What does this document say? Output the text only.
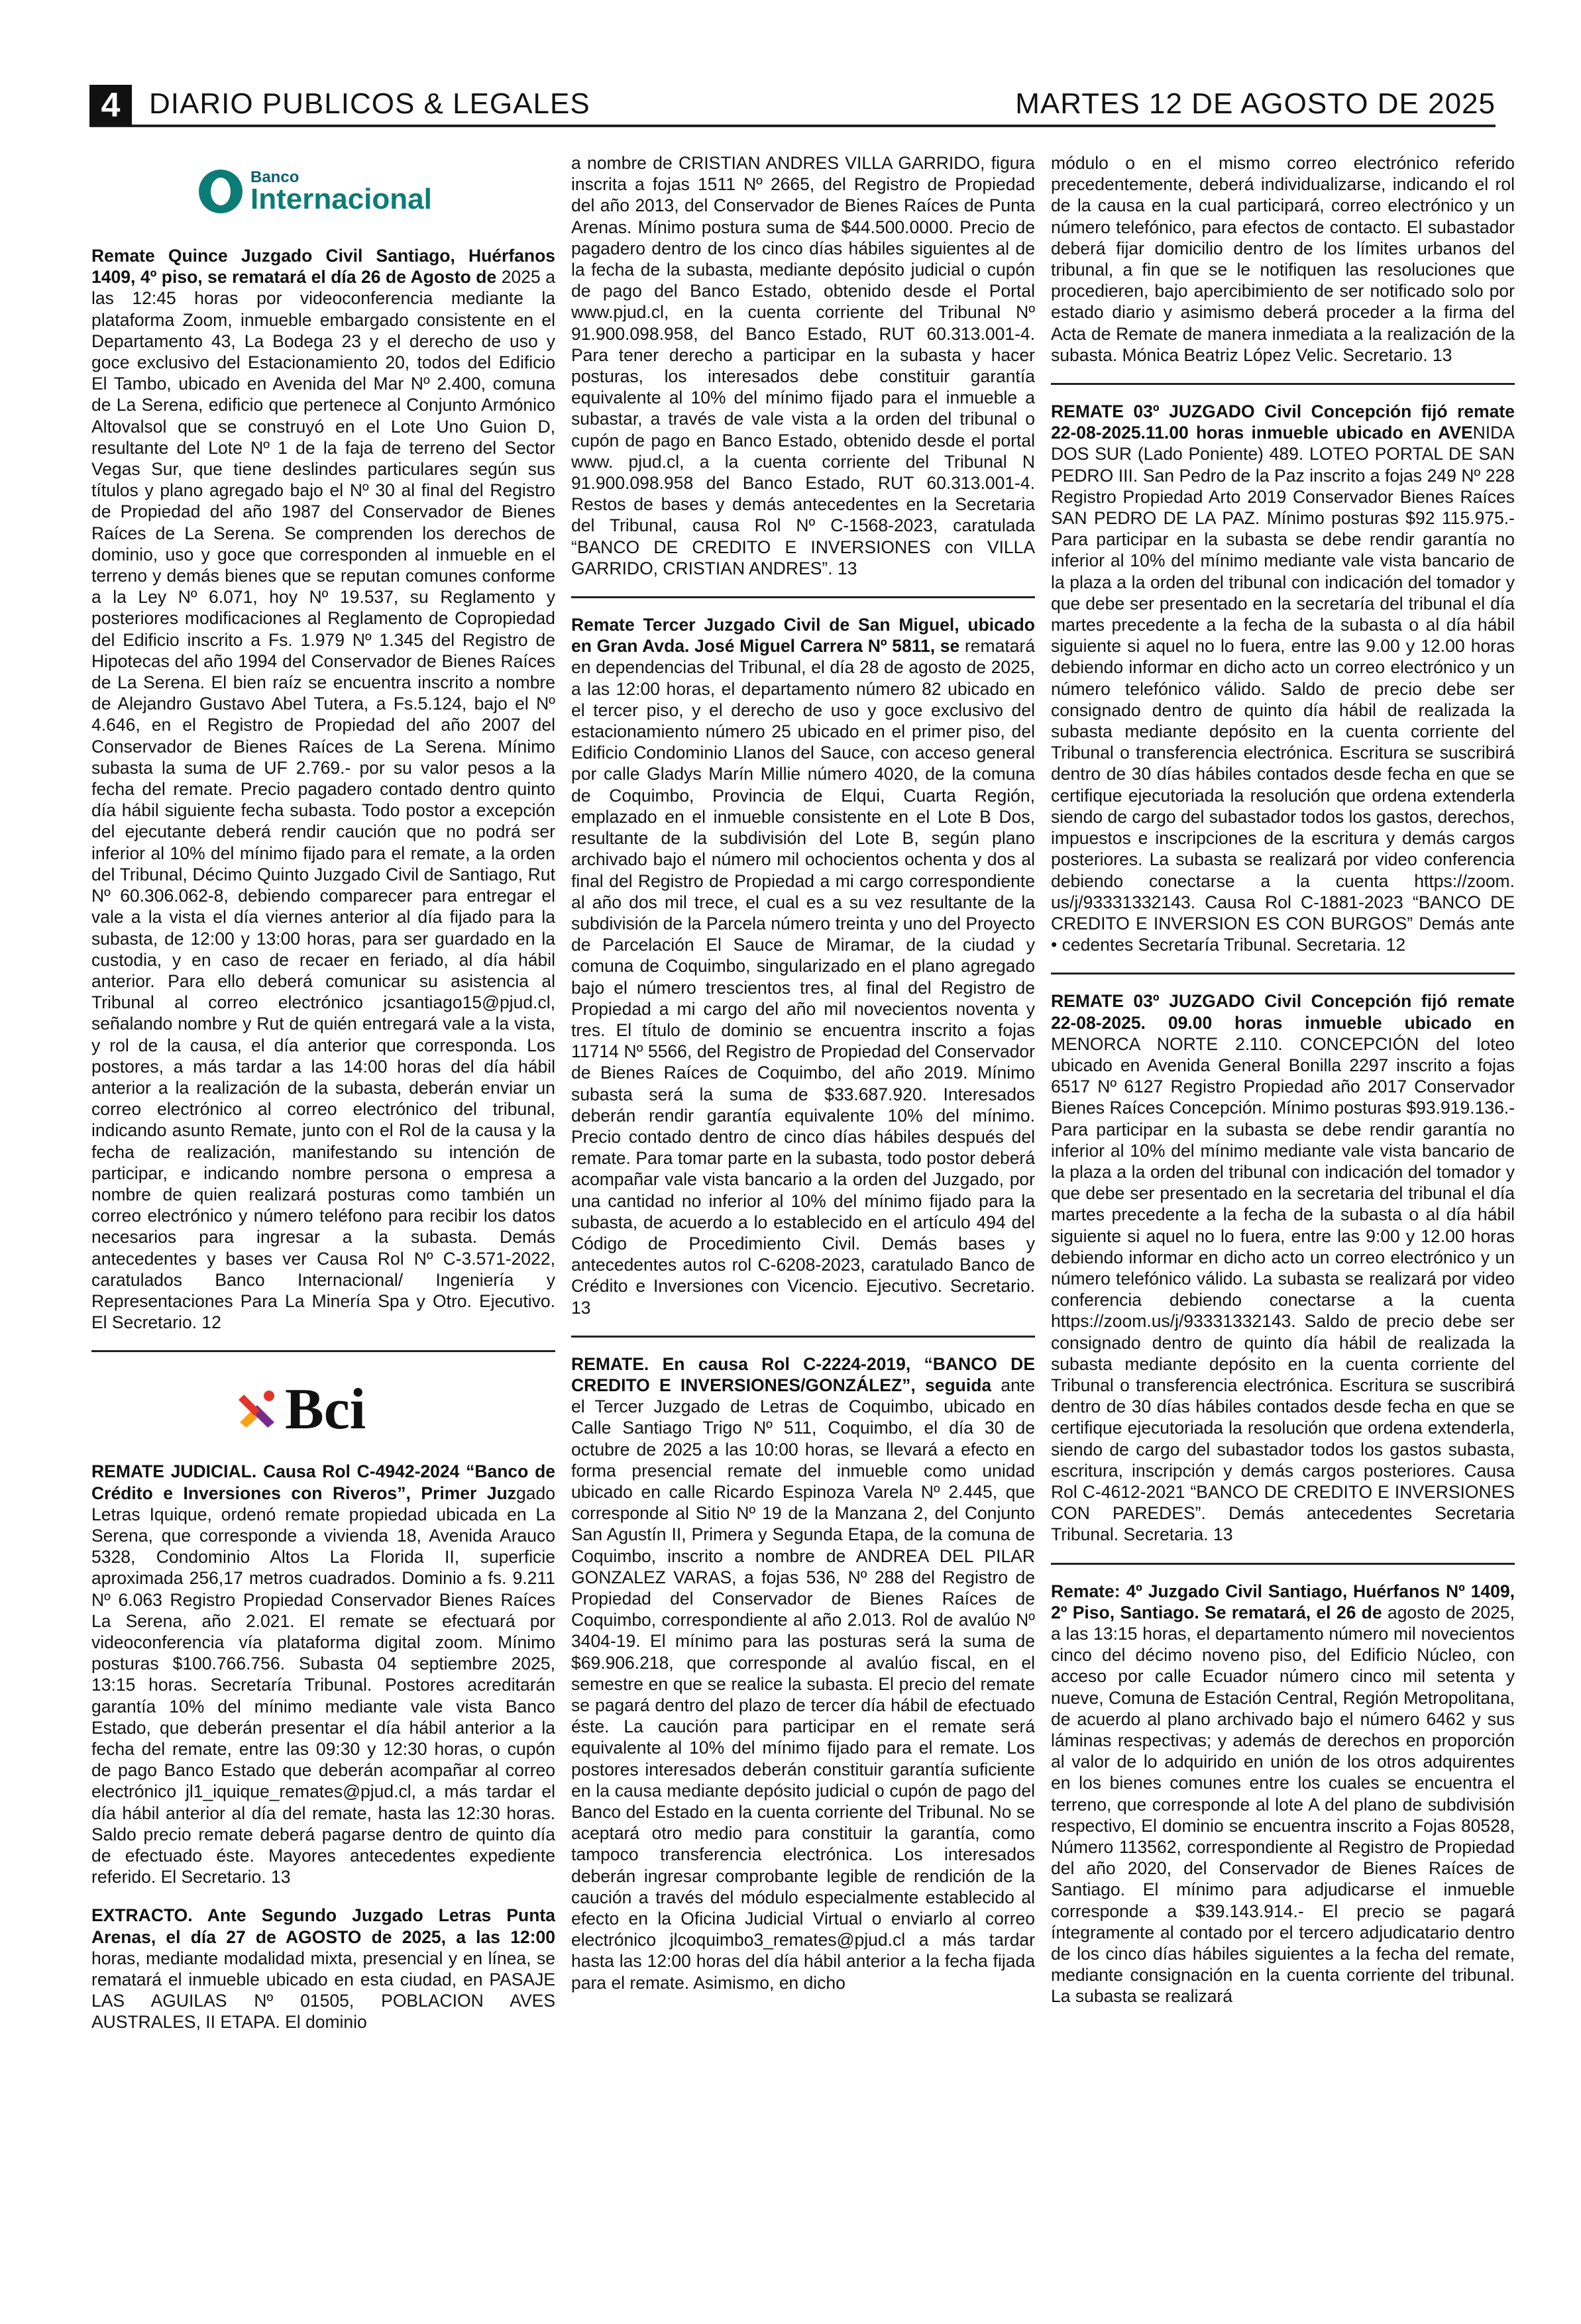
4 DIARIO PUBLICOS & LEGALES	MARTES 12 DE AGOSTO DE 2025
Banco
Internacional

Remate Quince Juzgado Civil Santiago, Huérfanos 1409, 4º piso, se rematará el día 26 de Agosto de 2025 a las 12:45 horas por videoconferencia mediante la plataforma Zoom, inmueble embargado consistente en el Departamento 43, La Bodega 23 y el derecho de uso y goce exclusivo del Estacionamiento 20, todos del Edificio El Tambo, ubicado en Avenida del Mar Nº 2.400, comuna de La Serena, edificio que pertenece al Conjunto Armónico Altovalsol que se construyó en el Lote Uno Guion D, resultante del Lote Nº 1 de la faja de terreno del Sector Vegas Sur, que tiene deslindes particulares según sus títulos y plano agregado bajo el Nº 30 al final del Registro de Propiedad del año 1987 del Conservador de Bienes Raíces de La Serena. Se comprenden los derechos de dominio, uso y goce que corresponden al inmueble en el terreno y demás bienes que se reputan comunes conforme a la Ley Nº 6.071, hoy Nº 19.537, su Reglamento y posteriores modificaciones al Reglamento de Copropiedad del Edificio inscrito a Fs. 1.979 Nº 1.345 del Registro de Hipotecas del año 1994 del Conservador de Bienes Raíces de La Serena. El bien raíz se encuentra inscrito a nombre de Alejandro Gustavo Abel Tutera, a Fs.5.124, bajo el Nº 4.646, en el Registro de Propiedad del año 2007 del Conservador de Bienes Raíces de La Serena. Mínimo subasta la suma de UF 2.769.- por su valor pesos a la fecha del remate. Precio pagadero contado dentro quinto día hábil siguiente fecha subasta. Todo postor a excepción del ejecutante deberá rendir caución que no podrá ser inferior al 10% del mínimo fijado para el remate, a la orden del Tribunal, Décimo Quinto Juzgado Civil de Santiago, Rut Nº 60.306.062-8, debiendo comparecer para entregar el vale a la vista el día viernes anterior al día fijado para la subasta, de 12:00 y 13:00 horas, para ser guardado en la custodia, y en caso de recaer en feriado, al día hábil anterior. Para ello deberá comunicar su asistencia al Tribunal al correo electrónico jcsantiago15@pjud.cl, señalando nombre y Rut de quién entregará vale a la vista, y rol de la causa, el día anterior que corresponda. Los postores, a más tardar a las 14:00 horas del día hábil anterior a la realización de la subasta, deberán enviar un correo electrónico al correo electrónico del tribunal, indicando asunto Remate, junto con el Rol de la causa y la fecha de realización, manifestando su intención de participar, e indicando nombre persona o empresa a nombre de quien realizará posturas como también un correo electrónico y número teléfono para recibir los datos necesarios para ingresar a la subasta. Demás antecedentes y bases ver Causa Rol Nº C-3.571-2022, caratulados Banco Internacional/ Ingeniería y Representaciones Para La Minería Spa y Otro. Ejecutivo. El Secretario. 12

Bci

REMATE JUDICIAL. Causa Rol C-4942-2024 “Banco de Crédito e Inversiones con Riveros”, Primer Juzgado Letras Iquique, ordenó remate propiedad ubicada en La Serena, que corresponde a vivienda 18, Avenida Arauco 5328, Condominio Altos La Florida II, superficie aproximada 256,17 metros cuadrados. Dominio a fs. 9.211 Nº 6.063 Registro Propiedad Conservador Bienes Raíces La Serena, año 2.021. El remate se efectuará por videoconferencia vía plataforma digital zoom. Mínimo posturas $100.766.756. Subasta 04 septiembre 2025, 13:15 horas. Secretaría Tribunal. Postores acreditarán garantía 10% del mínimo mediante vale vista Banco Estado, que deberán presentar el día hábil anterior a la fecha del remate, entre las 09:30 y 12:30 horas, o cupón de pago Banco Estado que deberán acompañar al correo electrónico jl1_iquique_remates@pjud.cl, a más tardar el día hábil anterior al día del remate, hasta las 12:30 horas. Saldo precio remate deberá pagarse dentro de quinto día de efectuado éste. Mayores antecedentes expediente referido. El Secretario. 13

EXTRACTO. Ante Segundo Juzgado Letras Punta Arenas, el día 27 de AGOSTO de 2025, a las 12:00 horas, mediante modalidad mixta, presencial y en línea, se rematará el inmueble ubicado en esta ciudad, en PASAJE LAS AGUILAS Nº 01505, POBLACION AVES AUSTRALES, II ETAPA. El dominio

a nombre de CRISTIAN ANDRES VILLA GARRIDO, figura inscrita a fojas 1511 Nº 2665, del Registro de Propiedad del año 2013, del Conservador de Bienes Raíces de Punta Arenas. Mínimo postura suma de $44.500.0000. Precio de pagadero dentro de los cinco días hábiles siguientes al de la fecha de la subasta, mediante depósito judicial o cupón de pago del Banco Estado, obtenido desde el Portal www.pjud.cl, en la cuenta corriente del Tribunal Nº 91.900.098.958, del Banco Estado, RUT 60.313.001-4. Para tener derecho a participar en la subasta y hacer posturas, los interesados debe constituir garantía equivalente al 10% del mínimo fijado para el inmueble a subastar, a través de vale vista a la orden del tribunal o cupón de pago en Banco Estado, obtenido desde el portal www. pjud.cl, a la cuenta corriente del Tribunal N 91.900.098.958 del Banco Estado, RUT 60.313.001-4. Restos de bases y demás antecedentes en la Secretaria del Tribunal, causa Rol Nº C-1568-2023, caratulada “BANCO DE CREDITO E INVERSIONES con VILLA GARRIDO, CRISTIAN ANDRES”. 13

Remate Tercer Juzgado Civil de San Miguel, ubicado en Gran Avda. José Miguel Carrera Nº 5811, se rematará en dependencias del Tribunal, el día 28 de agosto de 2025, a las 12:00 horas, el departamento número 82 ubicado en el tercer piso, y el derecho de uso y goce exclusivo del estacionamiento número 25 ubicado en el primer piso, del Edificio Condominio Llanos del Sauce, con acceso general por calle Gladys Marín Millie número 4020, de la comuna de Coquimbo, Provincia de Elqui, Cuarta Región, emplazado en el inmueble consistente en el Lote B Dos, resultante de la subdivisión del Lote B, según plano archivado bajo el número mil ochocientos ochenta y dos al final del Registro de Propiedad a mi cargo correspondiente al año dos mil trece, el cual es a su vez resultante de la subdivisión de la Parcela número treinta y uno del Proyecto de Parcelación El Sauce de Miramar, de la ciudad y comuna de Coquimbo, singularizado en el plano agregado bajo el número trescientos tres, al final del Registro de Propiedad a mi cargo del año mil novecientos noventa y tres. El título de dominio se encuentra inscrito a fojas 11714 Nº 5566, del Registro de Propiedad del Conservador de Bienes Raíces de Coquimbo, del año 2019. Mínimo subasta será la suma de $33.687.920. Interesados deberán rendir garantía equivalente 10% del mínimo. Precio contado dentro de cinco días hábiles después del remate. Para tomar parte en la subasta, todo postor deberá acompañar vale vista bancario a la orden del Juzgado, por una cantidad no inferior al 10% del mínimo fijado para la subasta, de acuerdo a lo establecido en el artículo 494 del Código de Procedimiento Civil. Demás bases y antecedentes autos rol C-6208-2023, caratulado Banco de Crédito e Inversiones con Vicencio. Ejecutivo. Secretario. 13

REMATE. En causa Rol C-2224-2019, “BANCO DE CREDITO E INVERSIONES/GONZÁLEZ”, seguida ante el Tercer Juzgado de Letras de Coquimbo, ubicado en Calle Santiago Trigo Nº 511, Coquimbo, el día 30 de octubre de 2025 a las 10:00 horas, se llevará a efecto en forma presencial remate del inmueble como unidad ubicado en calle Ricardo Espinoza Varela Nº 2.445, que corresponde al Sitio Nº 19 de la Manzana 2, del Conjunto San Agustín II, Primera y Segunda Etapa, de la comuna de Coquimbo, inscrito a nombre de ANDREA DEL PILAR GONZALEZ VARAS, a fojas 536, Nº 288 del Registro de Propiedad del Conservador de Bienes Raíces de Coquimbo, correspondiente al año 2.013. Rol de avalúo Nº 3404-19. El mínimo para las posturas será la suma de $69.906.218, que corresponde al avalúo fiscal, en el semestre en que se realice la subasta. El precio del remate se pagará dentro del plazo de tercer día hábil de efectuado éste. La caución para participar en el remate será equivalente al 10% del mínimo fijado para el remate. Los postores interesados deberán constituir garantía suficiente en la causa mediante depósito judicial o cupón de pago del Banco del Estado en la cuenta corriente del Tribunal. No se aceptará otro medio para constituir la garantía, como tampoco transferencia electrónica. Los interesados deberán ingresar comprobante legible de rendición de la caución a través del módulo especialmente establecido al efecto en la Oficina Judicial Virtual o enviarlo al correo electrónico jlcoquimbo3_remates@pjud.cl a más tardar hasta las 12:00 horas del día hábil anterior a la fecha fijada para el remate. Asimismo, en dicho

módulo o en el mismo correo electrónico referido precedentemente, deberá individualizarse, indicando el rol de la causa en la cual participará, correo electrónico y un número telefónico, para efectos de contacto. El subastador deberá fijar domicilio dentro de los límites urbanos del tribunal, a fin que se le notifiquen las resoluciones que procedieren, bajo apercibimiento de ser notificado solo por estado diario y asimismo deberá proceder a la firma del Acta de Remate de manera inmediata a la realización de la subasta. Mónica Beatriz López Velic. Secretario. 13

REMATE 03º JUZGADO Civil Concepción fijó remate 22-08-2025.11.00 horas inmueble ubicado en AVENIDA DOS SUR (Lado Poniente) 489. LOTEO PORTAL DE SAN PEDRO III. San Pedro de la Paz inscrito a fojas 249 Nº 228 Registro Propiedad Arto 2019 Conservador Bienes Raíces SAN PEDRO DE LA PAZ. Mínimo posturas $92 115.975.- Para participar en la subasta se debe rendir garantía no inferior al 10% del mínimo mediante vale vista bancario de la plaza a la orden del tribunal con indicación del tomador y que debe ser presentado en la secretaría del tribunal el día martes precedente a la fecha de la subasta o al día hábil siguiente si aquel no lo fuera, entre las 9.00 y 12.00 horas debiendo informar en dicho acto un correo electrónico y un número telefónico válido. Saldo de precio debe ser consignado dentro de quinto día hábil de realizada la subasta mediante depósito en la cuenta corriente del Tribunal o transferencia electrónica. Escritura se suscribirá dentro de 30 días hábiles contados desde fecha en que se certifique ejecutoriada la resolución que ordena extenderla siendo de cargo del subastador todos los gastos, derechos, impuestos e inscripciones de la escritura y demás cargos posteriores. La subasta se realizará por video conferencia debiendo conectarse a la cuenta https://zoom. us/j/93331332143. Causa Rol C-1881-2023 “BANCO DE CREDITO E INVERSION ES CON BURGOS” Demás ante • cedentes Secretaría Tribunal. Secretaria. 12

REMATE 03º JUZGADO Civil Concepción fijó remate 22-08-2025. 09.00 horas inmueble ubicado en MENORCA NORTE 2.110. CONCEPCIÓN del loteo ubicado en Avenida General Bonilla 2297 inscrito a fojas 6517 Nº 6127 Registro Propiedad año 2017 Conservador Bienes Raíces Concepción. Mínimo posturas $93.919.136.- Para participar en la subasta se debe rendir garantía no inferior al 10% del mínimo mediante vale vista bancario de la plaza a la orden del tribunal con indicación del tomador y que debe ser presentado en la secretaria del tribunal el día martes precedente a la fecha de la subasta o al día hábil siguiente si aquel no lo fuera, entre las 9:00 y 12.00 horas debiendo informar en dicho acto un correo electrónico y un número telefónico válido. La subasta se realizará por video conferencia debiendo conectarse a la cuenta https://zoom.us/j/93331332143. Saldo de precio debe ser consignado dentro de quinto día hábil de realizada la subasta mediante depósito en la cuenta corriente del Tribunal o transferencia electrónica. Escritura se suscribirá dentro de 30 días hábiles contados desde fecha en que se certifique ejecutoriada la resolución que ordena extenderla, siendo de cargo del subastador todos los gastos subasta, escritura, inscripción y demás cargos posteriores. Causa Rol C-4612-2021 “BANCO DE CREDITO E INVERSIONES CON PAREDES”. Demás antecedentes Secretaria Tribunal. Secretaria. 13

Remate: 4º Juzgado Civil Santiago, Huérfanos Nº 1409, 2º Piso, Santiago. Se rematará, el 26 de agosto de 2025, a las 13:15 horas, el departamento número mil novecientos cinco del décimo noveno piso, del Edificio Núcleo, con acceso por calle Ecuador número cinco mil setenta y nueve, Comuna de Estación Central, Región Metropolitana, de acuerdo al plano archivado bajo el número 6462 y sus láminas respectivas; y además de derechos en proporción al valor de lo adquirido en unión de los otros adquirentes en los bienes comunes entre los cuales se encuentra el terreno, que corresponde al lote A del plano de subdivisión respectivo, El dominio se encuentra inscrito a Fojas 80528, Número 113562, correspondiente al Registro de Propiedad del año 2020, del Conservador de Bienes Raíces de Santiago. El mínimo para adjudicarse el inmueble corresponde a $39.143.914.- El precio se pagará íntegramente al contado por el tercero adjudicatario dentro de los cinco días hábiles siguientes a la fecha del remate, mediante consignación en la cuenta corriente del tribunal. La subasta se realizará
